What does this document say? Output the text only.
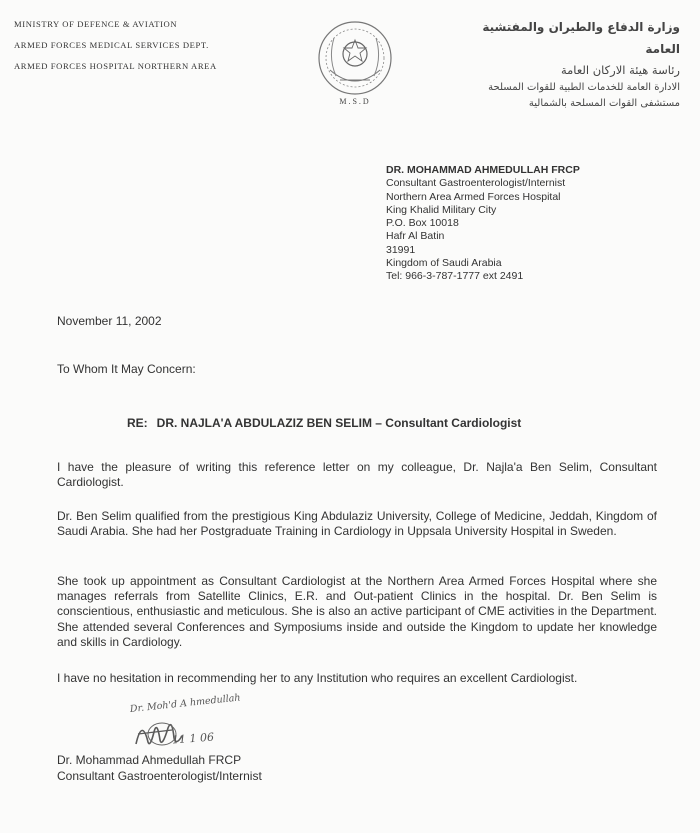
MINISTRY OF DEFENCE & AVIATION
ARMED FORCES MEDICAL SERVICES DEPT.
ARMED FORCES HOSPITAL NORTHERN AREA
M.S.D
وزارة الدفاع والطيران والمفتشية العامة
رئاسة هيئة الاركان العامة
الادارة العامة للخدمات الطبية للقوات المسلحة
مستشفى القوات المسلحة بالشمالية
DR. MOHAMMAD AHMEDULLAH FRCP
Consultant Gastroenterologist/Internist
Northern Area Armed Forces Hospital
King Khalid Military City
P.O. Box 10018
Hafr Al Batin
31991
Kingdom of Saudi Arabia
Tel: 966-3-787-1777 ext 2491
November 11, 2002
To Whom It May Concern:
RE: DR. NAJLA'A ABDULAZIZ BEN SELIM – Consultant Cardiologist
I have the pleasure of writing this reference letter on my colleague, Dr. Najla'a Ben Selim, Consultant Cardiologist.
Dr. Ben Selim qualified from the prestigious King Abdulaziz University, College of Medicine, Jeddah, Kingdom of Saudi Arabia. She had her Postgraduate Training in Cardiology in Uppsala University Hospital in Sweden.
She took up appointment as Consultant Cardiologist at the Northern Area Armed Forces Hospital where she manages referrals from Satellite Clinics, E.R. and Out-patient Clinics in the hospital. Dr. Ben Selim is conscientious, enthusiastic and meticulous. She is also an active participant of CME activities in the Department. She attended several Conferences and Symposiums inside and outside the Kingdom to update her knowledge and skills in Cardiology.
I have no hesitation in recommending her to any Institution who requires an excellent Cardiologist.
Dr. Moh'd A hmedullah
11 1 06
Dr. Mohammad Ahmedullah FRCP
Consultant Gastroenterologist/Internist
